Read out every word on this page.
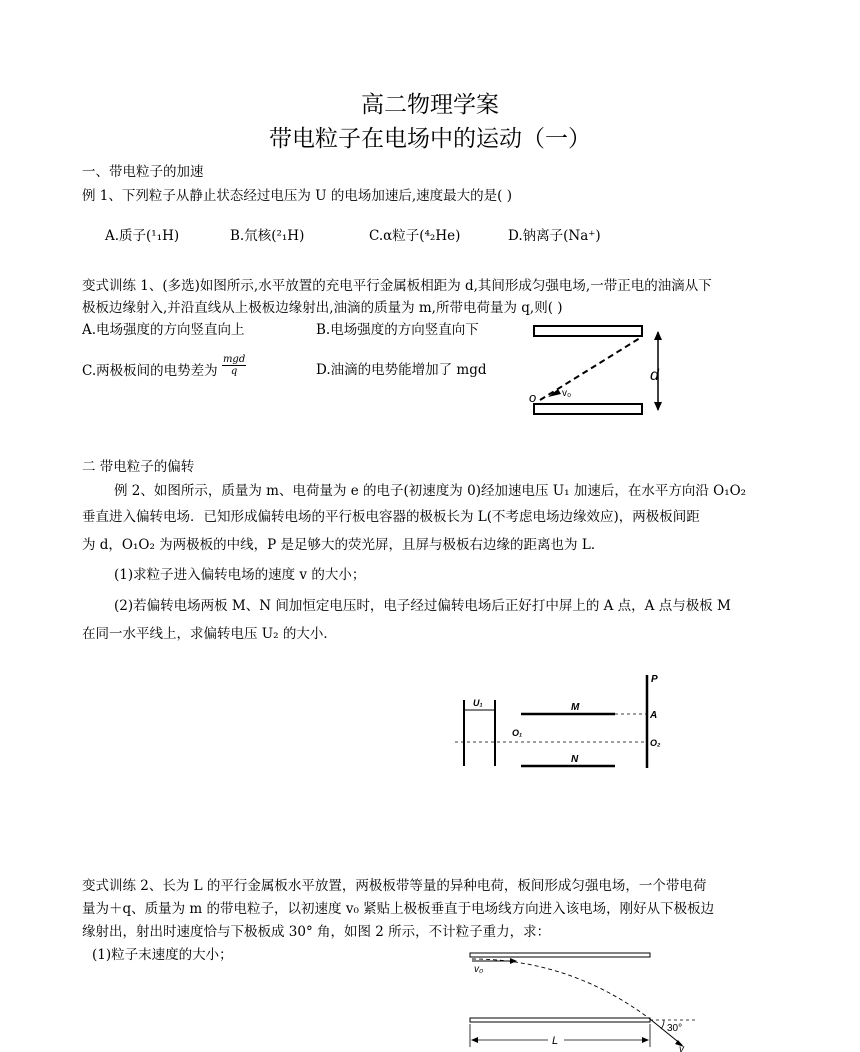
高二物理学案
带电粒子在电场中的运动（一）
一、带电粒子的加速
例 1、下列粒子从静止状态经过电压为 U 的电场加速后,速度最大的是( )
A.质子(¹₁H)	B.氘核(²₁H)	C.α粒子(⁴₂He)	D.钠离子(Na⁺)
变式训练 1、(多选)如图所示,水平放置的充电平行金属板相距为 d,其间形成匀强电场,一带正电的油滴从下
极板边缘射入,并沿直线从上极板边缘射出,油滴的质量为 m,所带电荷量为 q,则( )
A.电场强度的方向竖直向上	B.电场强度的方向竖直向下
C.两极板间的电势差为
mgd
q	D.油滴的电势能增加了 mgd	d
o	v₀
二 带电粒子的偏转
例 2、如图所示，质量为 m、电荷量为 e 的电子(初速度为 0)经加速电压 U₁ 加速后，在水平方向沿 O₁O₂
垂直进入偏转电场．已知形成偏转电场的平行板电容器的极板长为 L(不考虑电场边缘效应)，两极板间距
为 d，O₁O₂ 为两极板的中线，P 是足够大的荧光屏，且屏与极板右边缘的距离也为 L．
(1)求粒子进入偏转电场的速度 v 的大小；
(2)若偏转电场两板 M、N 间加恒定电压时，电子经过偏转电场后正好打中屏上的 A 点，A 点与极板 M
在同一水平线上，求偏转电压 U₂ 的大小．
U₁	M
N
O₁
P
A
O₂
变式训练 2、长为 L 的平行金属板水平放置，两极板带等量的异种电荷，板间形成匀强电场，一个带电荷
量为＋q、质量为 m 的带电粒子，以初速度 v₀ 紧贴上极板垂直于电场线方向进入该电场，刚好从下极板边
缘射出，射出时速度恰与下极板成 30° 角，如图 2 所示，不计粒子重力，求：
(1)粒子末速度的大小；
v₀
30°
v
L
